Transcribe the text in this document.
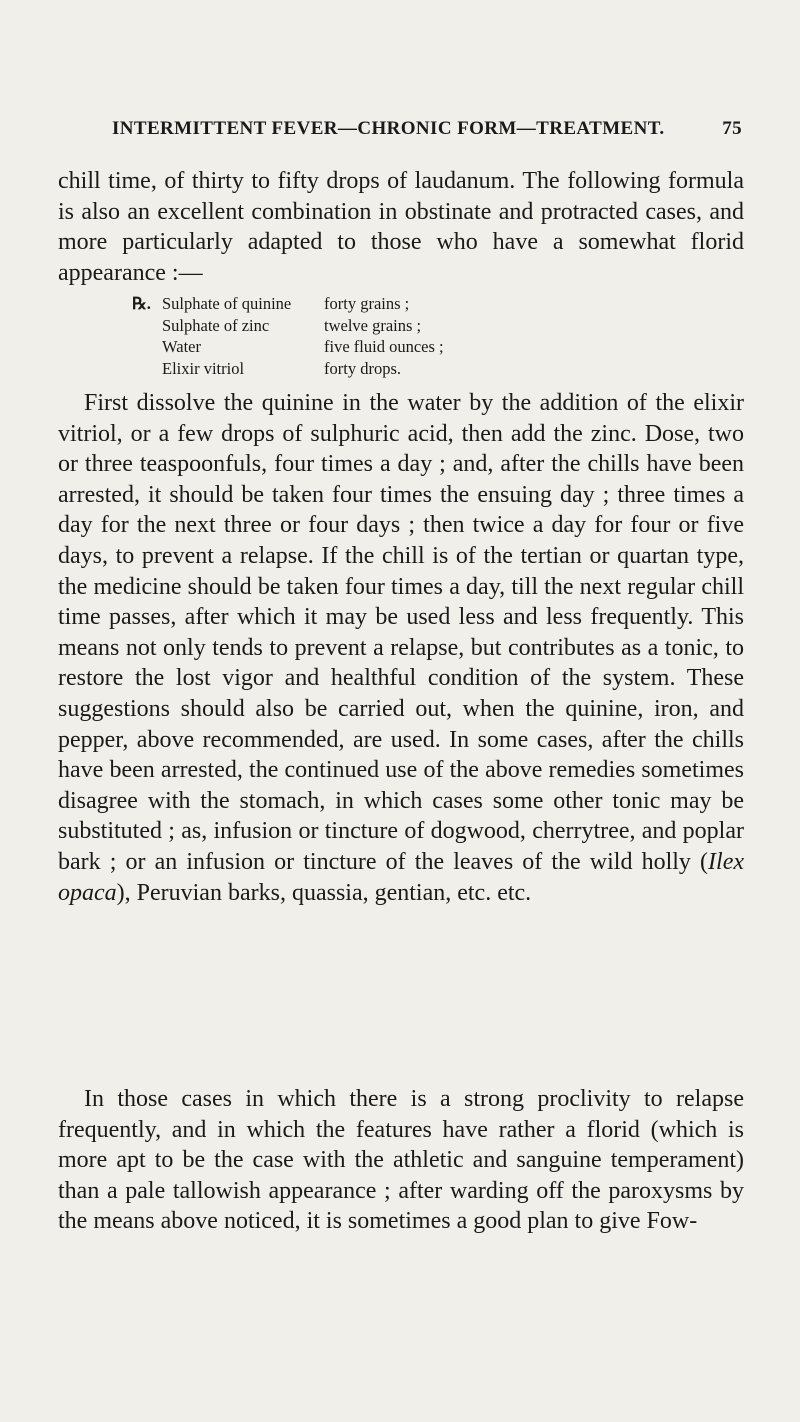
INTERMITTENT FEVER—CHRONIC FORM—TREATMENT.	75
chill time, of thirty to fifty drops of laudanum. The following formula is also an excellent combination in obstinate and protracted cases, and more particularly adapted to those who have a somewhat florid appearance :—
℞. Sulphate of quinine	forty grains ;
Sulphate of zinc	twelve grains ;
Water	five fluid ounces ;
Elixir vitriol	forty drops.
First dissolve the quinine in the water by the addition of the elixir vitriol, or a few drops of sulphuric acid, then add the zinc. Dose, two or three teaspoonfuls, four times a day ; and, after the chills have been arrested, it should be taken four times the ensuing day ; three times a day for the next three or four days ; then twice a day for four or five days, to prevent a relapse. If the chill is of the tertian or quartan type, the medicine should be taken four times a day, till the next regular chill time passes, after which it may be used less and less frequently. This means not only tends to prevent a relapse, but contributes as a tonic, to restore the lost vigor and healthful condition of the system. These suggestions should also be carried out, when the quinine, iron, and pepper, above recommended, are used. In some cases, after the chills have been arrested, the continued use of the above remedies sometimes disagree with the stomach, in which cases some other tonic may be substituted ; as, infusion or tincture of dogwood, cherrytree, and poplar bark ; or an infusion or tincture of the leaves of the wild holly (Ilex opaca), Peruvian barks, quassia, gentian, etc. etc.
In those cases in which there is a strong proclivity to relapse frequently, and in which the features have rather a florid (which is more apt to be the case with the athletic and sanguine temperament) than a pale tallowish appearance ; after warding off the paroxysms by the means above noticed, it is sometimes a good plan to give Fow-
